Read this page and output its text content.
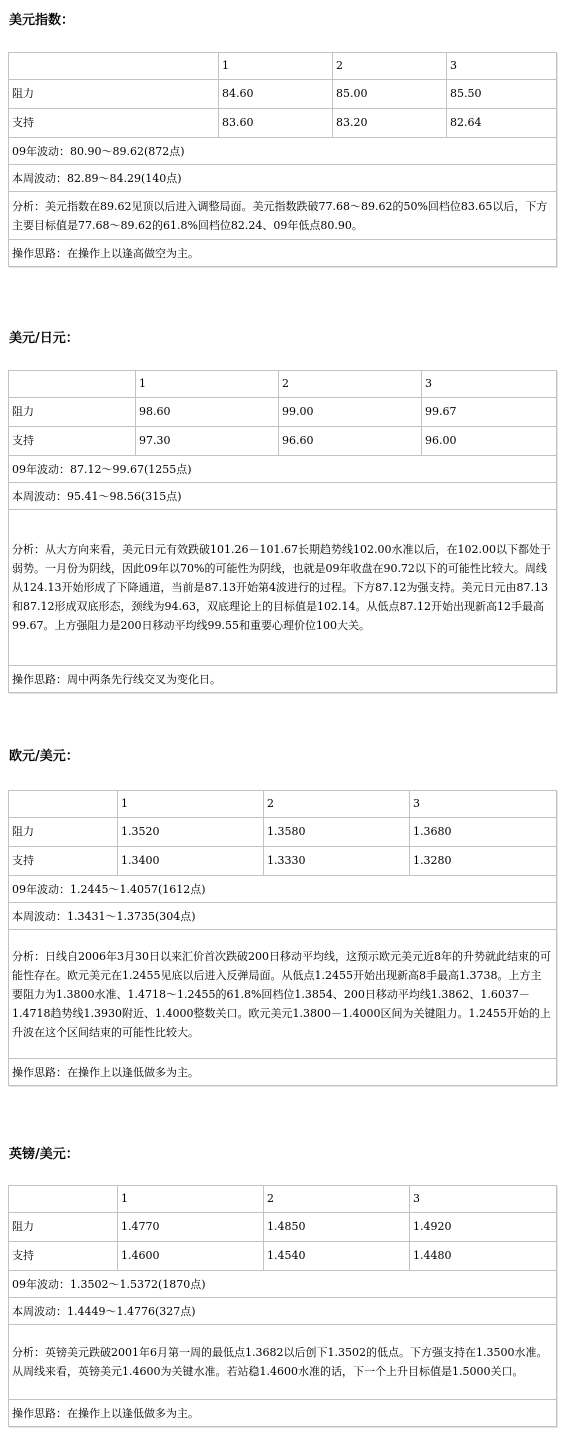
美元指数：
	1	2	3
阻力	84.60	85.00	85.50
支持	83.60	83.20	82.64
09年波动：80.90～89.62(872点)			
本周波动：82.89～84.29(140点)			
分析：美元指数在89.62见顶以后进入调整局面。美元指数跌破77.68～89.62的50%回档位83.65以后，下方主要目标值是77.68～89.62的61.8%回档位82.24、09年低点80.90。			
操作思路：在操作上以逢高做空为主。			
美元/日元：
	1	2	3
阻力	98.60	99.00	99.67
支持	97.30	96.60	96.00
09年波动：87.12～99.67(1255点)			
本周波动：95.41～98.56(315点)			
分析：从大方向来看，美元日元有效跌破101.26－101.67长期趋势线102.00水准以后，在102.00以下都处于弱势。一月份为阴线，因此09年以70%的可能性为阴线，也就是09年收盘在90.72以下的可能性比较大。周线从124.13开始形成了下降通道，当前是87.13开始第4波进行的过程。下方87.12为强支持。美元日元由87.13和87.12形成双底形态，颈线为94.63，双底理论上的目标值是102.14。从低点87.12开始出现新高12手最高99.67。上方强阻力是200日移动平均线99.55和重要心理价位100大关。			
操作思路：周中两条先行线交叉为变化日。			
欧元/美元：
	1	2	3
阻力	1.3520	1.3580	1.3680
支持	1.3400	1.3330	1.3280
09年波动：1.2445～1.4057(1612点)			
本周波动：1.3431～1.3735(304点)			
分析：日线自2006年3月30日以来汇价首次跌破200日移动平均线，这预示欧元美元近8年的升势就此结束的可能性存在。欧元美元在1.2455见底以后进入反弹局面。从低点1.2455开始出现新高8手最高1.3738。上方主要阻力为1.3800水准、1.4718～1.2455的61.8%回档位1.3854、200日移动平均线1.3862、1.6037－1.4718趋势线1.3930附近、1.4000整数关口。欧元美元1.3800－1.4000区间为关键阻力。1.2455开始的上升波在这个区间结束的可能性比较大。			
操作思路：在操作上以逢低做多为主。			
英镑/美元：
	1	2	3
阻力	1.4770	1.4850	1.4920
支持	1.4600	1.4540	1.4480
09年波动：1.3502～1.5372(1870点)			
本周波动：1.4449～1.4776(327点)			
分析：英镑美元跌破2001年6月第一周的最低点1.3682以后创下1.3502的低点。下方强支持在1.3500水准。从周线来看，英镑美元1.4600为关键水准。若站稳1.4600水准的话，下一个上升目标值是1.5000关口。			
操作思路：在操作上以逢低做多为主。			
